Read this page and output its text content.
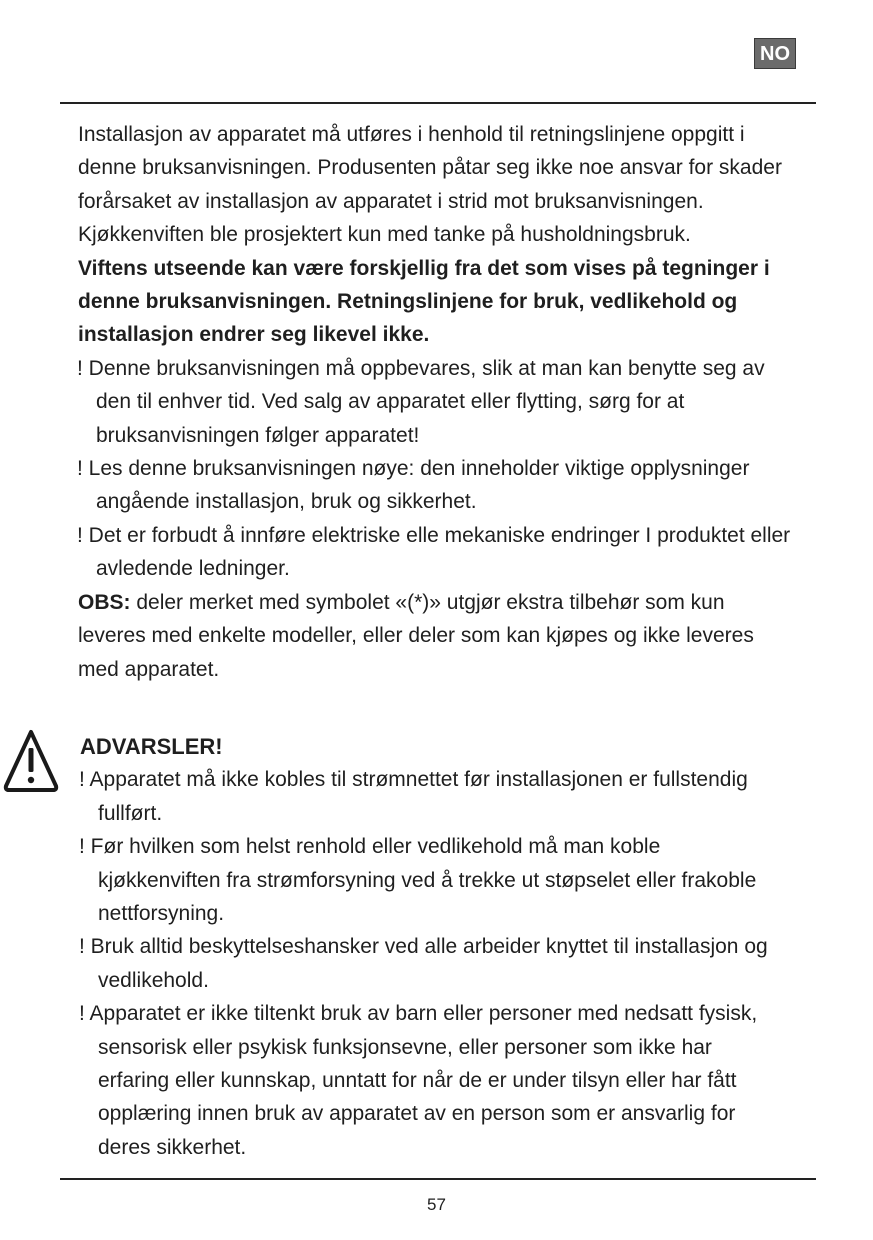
NO

Installasjon av apparatet må utføres i henhold til retningslinjene oppgitt i denne bruksanvisningen. Produsenten påtar seg ikke noe ansvar for skader forårsaket av installasjon av apparatet i strid mot bruksanvisningen. Kjøkkenviften ble prosjektert kun med tanke på husholdningsbruk.

Viftens utseende kan være forskjellig fra det som vises på tegninger i denne bruksanvisningen. Retningslinjene for bruk, vedlikehold og installasjon endrer seg likevel ikke.

! Denne bruksanvisningen må oppbevares, slik at man kan benytte seg av den til enhver tid. Ved salg av apparatet eller flytting, sørg for at bruksanvisningen følger apparatet!

! Les denne bruksanvisningen nøye: den inneholder viktige opplysninger angående installasjon, bruk og sikkerhet.

! Det er forbudt å innføre elektriske elle mekaniske endringer I produktet eller avledende ledninger.

OBS: deler merket med symbolet «(*)» utgjør ekstra tilbehør som kun leveres med enkelte modeller, eller deler som kan kjøpes og ikke leveres med apparatet.

ADVARSLER!

! Apparatet må ikke kobles til strømnettet før installasjonen er fullstendig fullført.

! Før hvilken som helst renhold eller vedlikehold må man koble kjøkkenviften fra strømforsyning ved å trekke ut støpselet eller frakoble nettforsyning.

! Bruk alltid beskyttelseshansker ved alle arbeider knyttet til installasjon og vedlikehold.

! Apparatet er ikke tiltenkt bruk av barn eller personer med nedsatt fysisk, sensorisk eller psykisk funksjonsevne, eller personer som ikke har erfaring eller kunnskap, unntatt for når de er under tilsyn eller har fått opplæring innen bruk av apparatet av en person som er ansvarlig for deres sikkerhet.

57
